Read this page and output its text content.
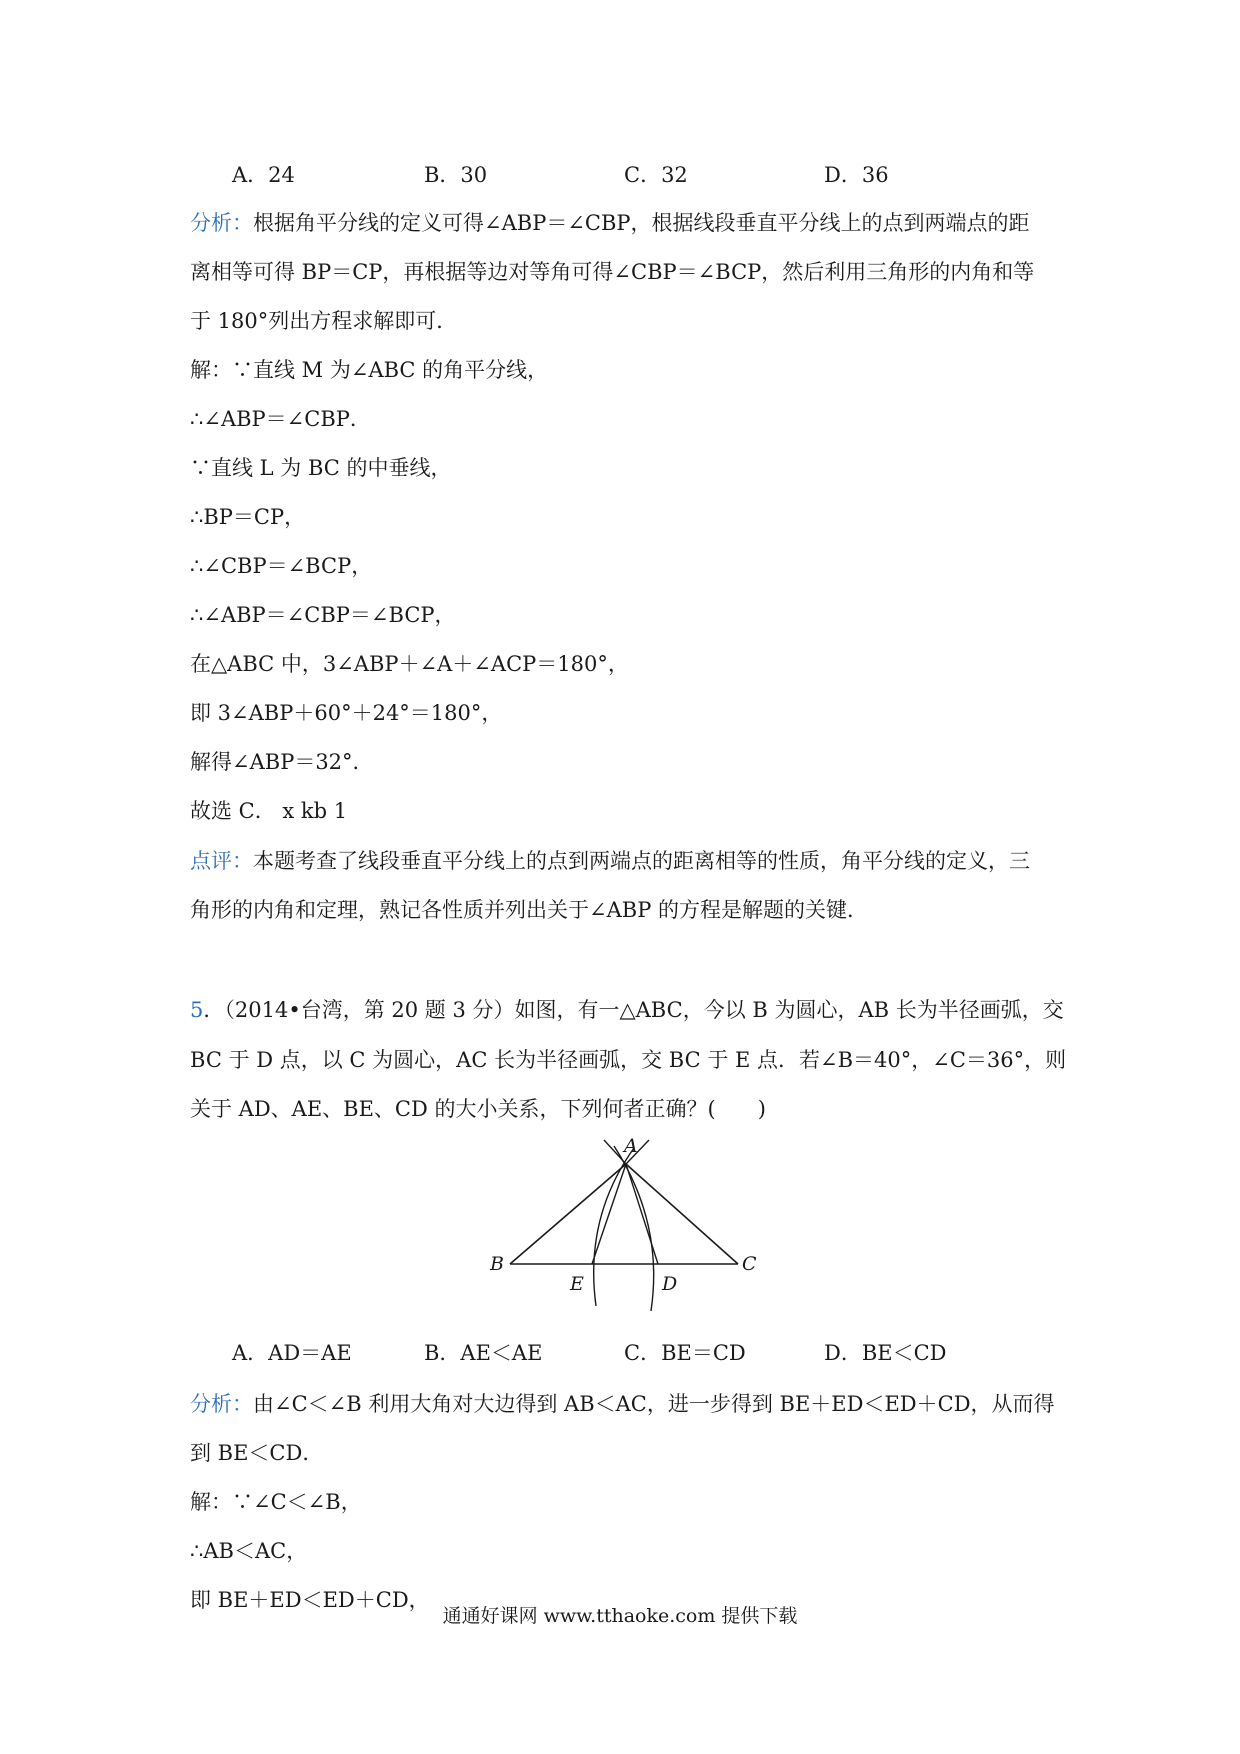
A．24	B．30	C．32	D．36
分析：根据角平分线的定义可得∠ABP＝∠CBP，根据线段垂直平分线上的点到两端点的距
离相等可得 BP＝CP，再根据等边对等角可得∠CBP＝∠BCP，然后利用三角形的内角和等
于 180°列出方程求解即可．
解：∵直线 M 为∠ABC 的角平分线，
∴∠ABP＝∠CBP．
∵直线 L 为 BC 的中垂线，
∴BP＝CP，
∴∠CBP＝∠BCP，
∴∠ABP＝∠CBP＝∠BCP，
在△ABC 中，3∠ABP＋∠A＋∠ACP＝180°，
即 3∠ABP＋60°＋24°＝180°，
解得∠ABP＝32°．
故选 C． x kb 1
点评：本题考查了线段垂直平分线上的点到两端点的距离相等的性质，角平分线的定义，三
角形的内角和定理，熟记各性质并列出关于∠ABP 的方程是解题的关键．
5．（2014•台湾，第 20 题 3 分）如图，有一△ABC，今以 B 为圆心，AB 长为半径画弧，交
BC 于 D 点，以 C 为圆心，AC 长为半径画弧，交 BC 于 E 点．若∠B＝40°，∠C＝36°，则
关于 AD、AE、BE、CD 的大小关系，下列何者正确？(　　)
A
B	C
D
E
A．AD＝AE	B．AE＜AE	C．BE＝CD	D．BE＜CD
分析：由∠C＜∠B 利用大角对大边得到 AB＜AC，进一步得到 BE＋ED＜ED＋CD，从而得
到 BE＜CD．
解：∵∠C＜∠B，
∴AB＜AC，
即 BE＋ED＜ED＋CD，
通通好课网 www.tthaoke.com 提供下载
